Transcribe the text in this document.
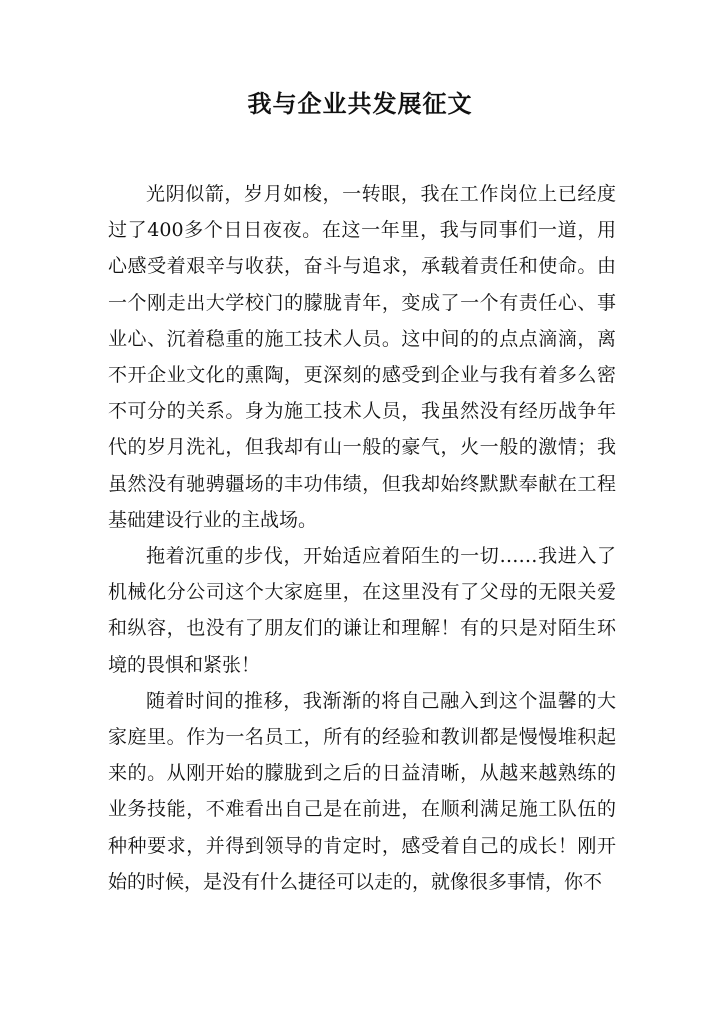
我与企业共发展征文

光阴似箭，岁月如梭，一转眼，我在工作岗位上已经度过了400多个日日夜夜。在这一年里，我与同事们一道，用心感受着艰辛与收获，奋斗与追求，承载着责任和使命。由一个刚走出大学校门的朦胧青年，变成了一个有责任心、事业心、沉着稳重的施工技术人员。这中间的的点点滴滴，离不开企业文化的熏陶，更深刻的感受到企业与我有着多么密不可分的关系。身为施工技术人员，我虽然没有经历战争年代的岁月洗礼，但我却有山一般的豪气，火一般的激情；我虽然没有驰骋疆场的丰功伟绩，但我却始终默默奉献在工程基础建设行业的主战场。

拖着沉重的步伐，开始适应着陌生的一切……我进入了机械化分公司这个大家庭里，在这里没有了父母的无限关爱和纵容，也没有了朋友们的谦让和理解！有的只是对陌生环境的畏惧和紧张！

随着时间的推移，我渐渐的将自己融入到这个温馨的大家庭里。作为一名员工，所有的经验和教训都是慢慢堆积起来的。从刚开始的朦胧到之后的日益清晰，从越来越熟练的业务技能，不难看出自己是在前进，在顺利满足施工队伍的种种要求，并得到领导的肯定时，感受着自己的成长！刚开始的时候，是没有什么捷径可以走的，就像很多事情，你不
